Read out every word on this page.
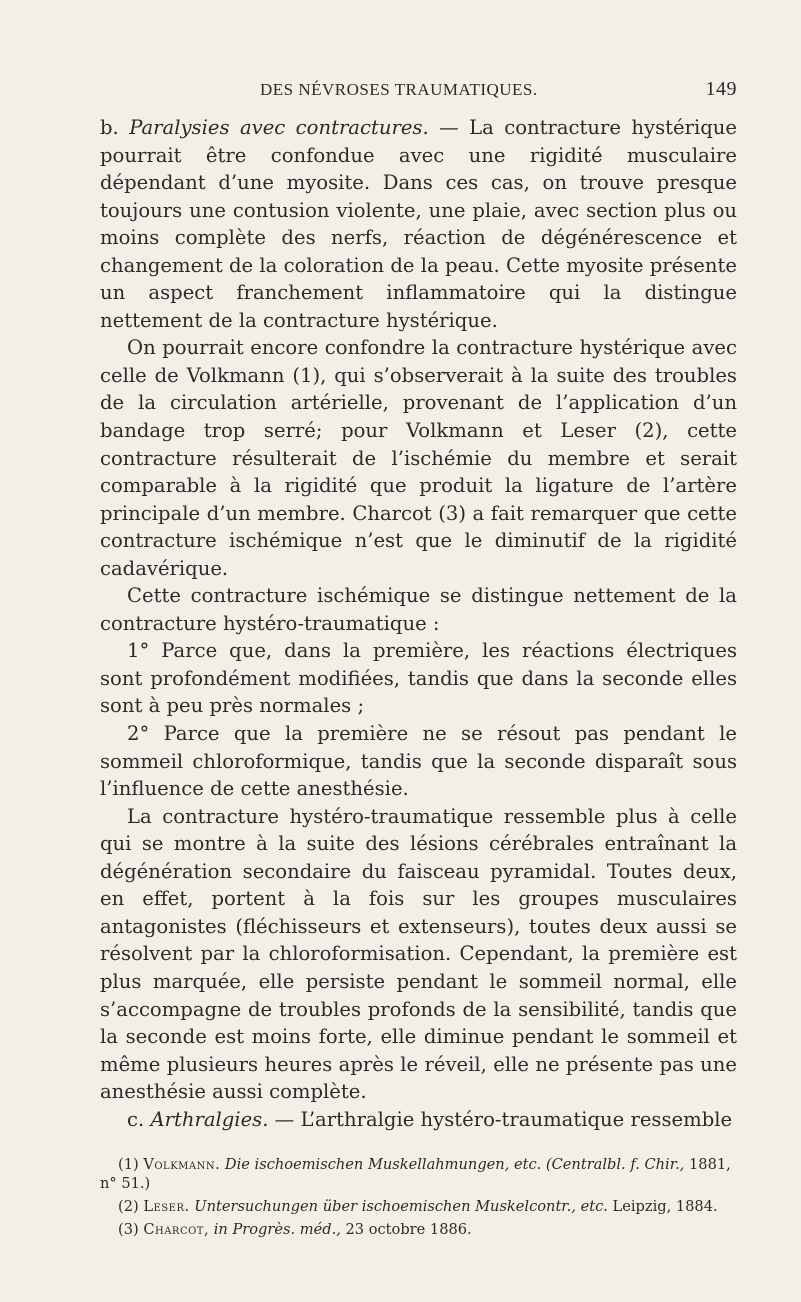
DES NÉVROSES TRAUMATIQUES.	149

b. Paralysies avec contractures. — La contracture hystérique pourrait être confondue avec une rigidité musculaire dépendant d’une myosite. Dans ces cas, on trouve presque toujours une contusion violente, une plaie, avec section plus ou moins complète des nerfs, réaction de dégénérescence et changement de la coloration de la peau. Cette myosite présente un aspect franchement inflammatoire qui la distingue nettement de la contracture hystérique.

On pourrait encore confondre la contracture hystérique avec celle de Volkmann (1), qui s’observerait à la suite des troubles de la circulation artérielle, provenant de l’application d’un bandage trop serré; pour Volkmann et Leser (2), cette contracture résulterait de l’ischémie du membre et serait comparable à la rigidité que produit la ligature de l’artère principale d’un membre. Charcot (3) a fait remarquer que cette contracture ischémique n’est que le diminutif de la rigidité cadavérique.

Cette contracture ischémique se distingue nettement de la contracture hystéro-traumatique :

1° Parce que, dans la première, les réactions électriques sont profondément modifiées, tandis que dans la seconde elles sont à peu près normales ;

2° Parce que la première ne se résout pas pendant le sommeil chloroformique, tandis que la seconde disparaît sous l’influence de cette anesthésie.

La contracture hystéro-traumatique ressemble plus à celle qui se montre à la suite des lésions cérébrales entraînant la dégénération secondaire du faisceau pyramidal. Toutes deux, en effet, portent à la fois sur les groupes musculaires antagonistes (fléchisseurs et extenseurs), toutes deux aussi se résolvent par la chloroformisation. Cependant, la première est plus marquée, elle persiste pendant le sommeil normal, elle s’accompagne de troubles profonds de la sensibilité, tandis que la seconde est moins forte, elle diminue pendant le sommeil et même plusieurs heures après le réveil, elle ne présente pas une anesthésie aussi complète.

c. Arthralgies. — L’arthralgie hystéro-traumatique ressemble

(1) Volkmann. Die ischoemischen Muskellahmungen, etc. (Centralbl. f. Chir., 1881, n° 51.)

(2) Leser. Untersuchungen über ischoemischen Muskelcontr., etc. Leipzig, 1884.

(3) Charcot, in Progrès. méd., 23 octobre 1886.
